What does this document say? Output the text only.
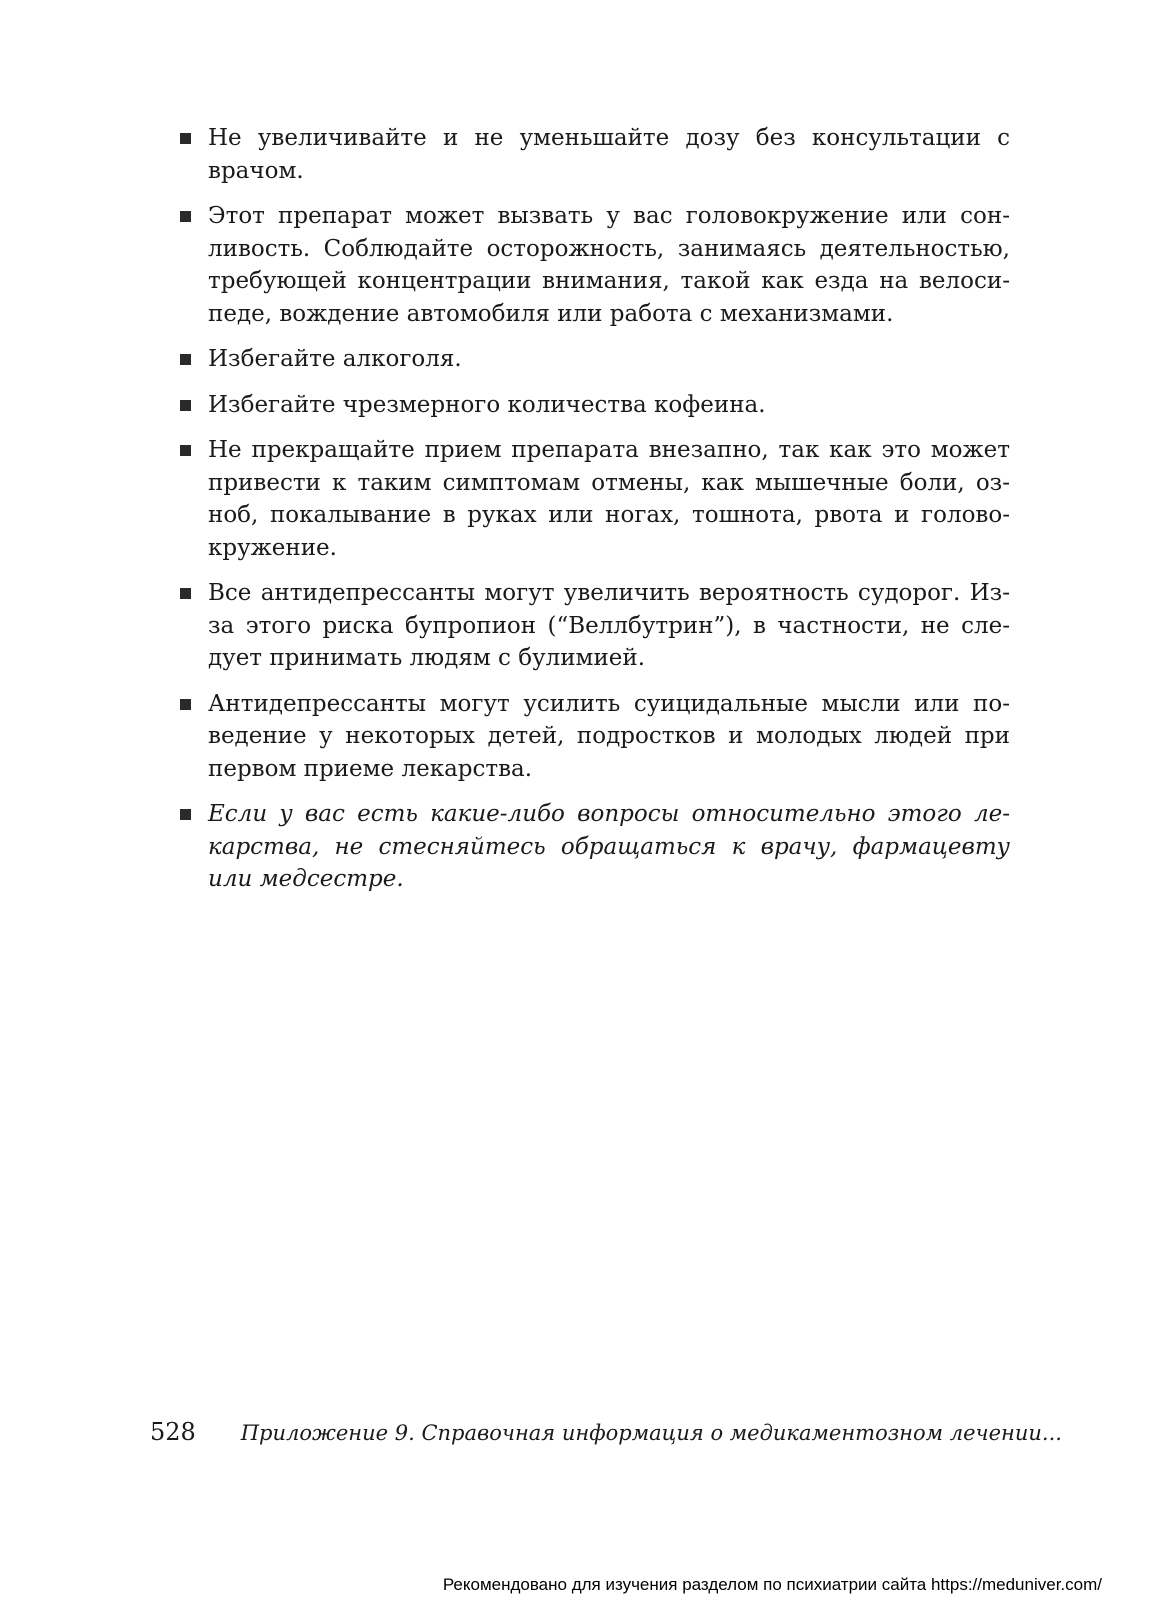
Не увеличивайте и не уменьшайте дозу без консультации с врачом.
Этот препарат может вызвать у вас головокружение или сонливость. Соблюдайте осторожность, занимаясь деятельностью, требующей концентрации внимания, такой как езда на велосипеде, вождение автомобиля или работа с механизмами.
Избегайте алкоголя.
Избегайте чрезмерного количества кофеина.
Не прекращайте прием препарата внезапно, так как это может привести к таким симптомам отмены, как мышечные боли, озноб, покалывание в руках или ногах, тошнота, рвота и головокружение.
Все антидепрессанты могут увеличить вероятность судорог. Из-за этого риска бупропион (“Веллбутрин”), в частности, не следует принимать людям с булимией.
Антидепрессанты могут усилить суицидальные мысли или поведение у некоторых детей, подростков и молодых людей при первом приеме лекарства.
Если у вас есть какие-либо вопросы относительно этого лекарства, не стесняйтесь обращаться к врачу, фармацевту или медсестре.
528 Приложение 9. Справочная информация о медикаментозном лечении...
Рекомендовано для изучения разделом по психиатрии сайта https://meduniver.com/
